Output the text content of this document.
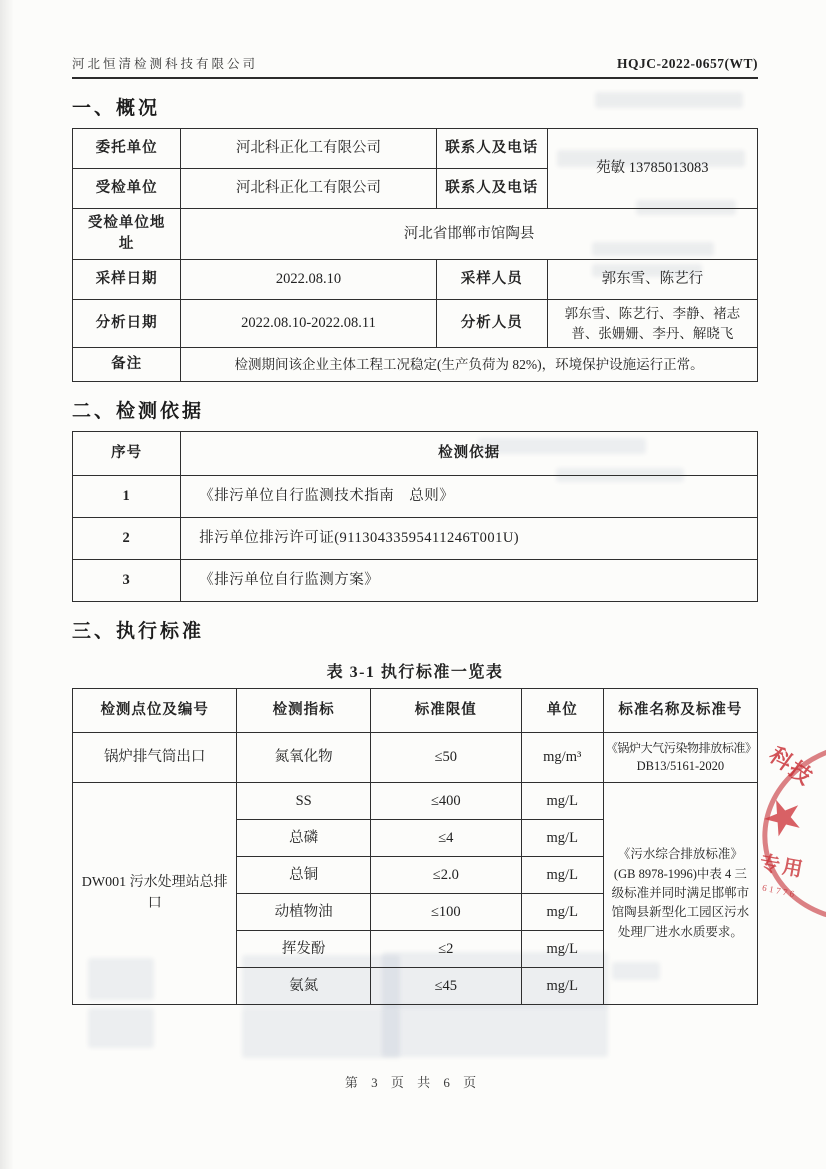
河北恒清检测科技有限公司	HQJC-2022-0657(WT)
一、概况
委托单位	河北科正化工有限公司	联系人及电话	苑敏 13785013083
受检单位	河北科正化工有限公司	联系人及电话	
受检单位地址	河北省邯郸市馆陶县		
采样日期	2022.08.10	采样人员	郭东雪、陈艺行
分析日期	2022.08.10-2022.08.11	分析人员	郭东雪、陈艺行、李静、褚志普、张姗姗、李丹、解晓飞
备注	检测期间该企业主体工程工况稳定(生产负荷为 82%)，环境保护设施运行正常。		
二、检测依据
序号	检测依据
1	《排污单位自行监测技术指南　总则》
2	排污单位排污许可证(91130433595411246T001U)
3	《排污单位自行监测方案》
三、执行标准
表 3-1 执行标准一览表
检测点位及编号	检测指标	标准限值	单位	标准名称及标准号
锅炉排气筒出口	氮氧化物	≤50	mg/m³	《锅炉大气污染物排放标准》
DB13/5161-2020

DW001 污水处理站总排口	SS	≤400	mg/L	《污水综合排放标准》(GB 8978-1996)中表 4 三级标准并同时满足邯郸市馆陶县新型化工园区污水处理厂进水水质要求。
	总磷	≤4	mg/L	
	总铜	≤2.0	mg/L	
	动植物油	≤100	mg/L	
	挥发酚	≤2	mg/L	
	氨氮	≤45	mg/L	
科技
★
专用
61776
第 3 页 共 6 页
